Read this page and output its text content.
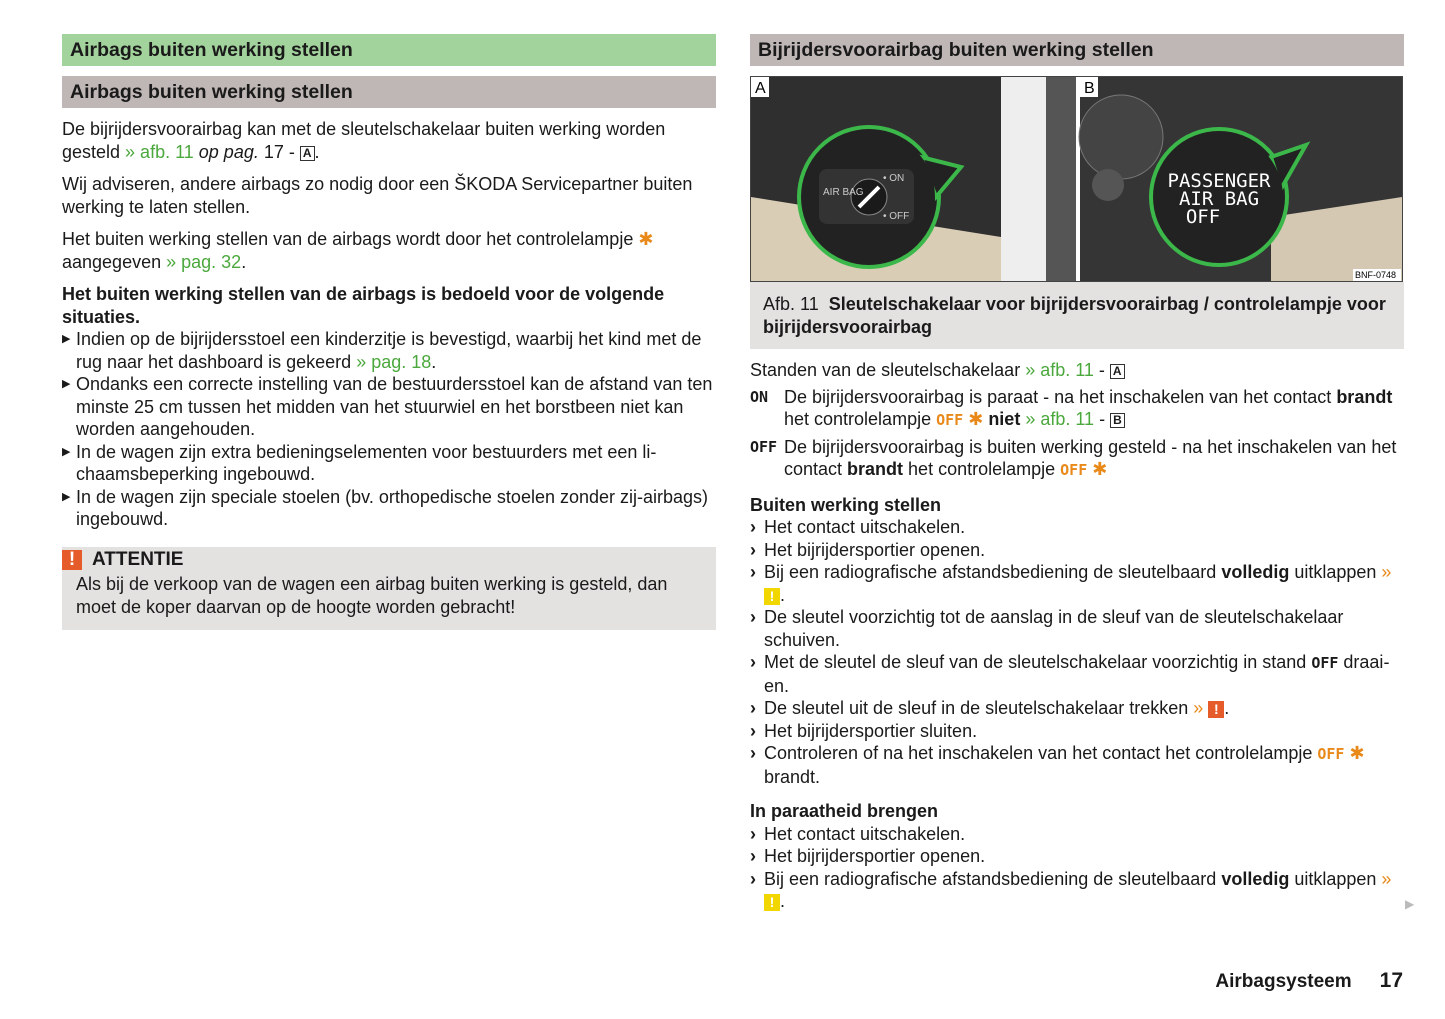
Airbags buiten werking stellen
Airbags buiten werking stellen

De bijrijdersvoorairbag kan met de sleutelschakelaar buiten werking worden gesteld » afb. 11 op pag. 17 - A .

Wij adviseren, andere airbags zo nodig door een ŠKODA Servicepartner buiten werking te laten stellen.

Het buiten werking stellen van de airbags wordt door het controlelampje ✱ aangegeven » pag. 32.

Het buiten werking stellen van de airbags is bedoeld voor de volgende situaties.
▶ Indien op de bijrijdersstoel een kinderzitje is bevestigd, waarbij het kind met de rug naar het dashboard is gekeerd » pag. 18.
▶ Ondanks een correcte instelling van de bestuurdersstoel kan de afstand van ten minste 25 cm tussen het midden van het stuurwiel en het borstbeen niet kan worden aangehouden.
▶ In de wagen zijn extra bedieningselementen voor bestuurders met een lichaamsbeperking ingebouwd.
▶ In de wagen zijn speciale stoelen (bv. orthopedische stoelen zonder zij-airbags) ingebouwd.
! ATTENTIE
Als bij de verkoop van de wagen een airbag buiten werking is gesteld, dan moet de koper daarvan op de hoogte worden gebracht!
Bijrijdersvoorairbag buiten werking stellen
AIR BAG
• ON
• OFF
PASSENGER
AIR BAG
OFF
A	B
BNF-0748
Afb. 11 Sleutelschakelaar voor bijrijdersvoorairbag / controlelampje voor bijrijdersvoorairbag

Standen van de sleutelschakelaar » afb. 11 - A

ON De bijrijdersvoorairbag is paraat - na het inschakelen van het contact brandt het controlelampje OFF ✱ niet » afb. 11 - B
OFF De bijrijdersvoorairbag is buiten werking gesteld - na het inschakelen van het contact brandt het controlelampje OFF ✱
Buiten werking stellen
› Het contact uitschakelen.
› Het bijrijdersportier openen.
› Bij een radiografische afstandsbediening de sleutelbaard volledig uitklappen » ! .
› De sleutel voorzichtig tot de aanslag in de sleuf van de sleutelschakelaar schuiven.
› Met de sleutel de sleuf van de sleutelschakelaar voorzichtig in stand OFF draaien.
› De sleutel uit de sleuf in de sleutelschakelaar trekken » ! .
› Het bijrijdersportier sluiten.
› Controleren of na het inschakelen van het contact het controlelampje OFF ✱ brandt.
In paraatheid brengen
› Het contact uitschakelen.
› Het bijrijdersportier openen.
› Bij een radiografische afstandsbediening de sleutelbaard volledig uitklappen » ! .	▶
Airbagsysteem 17
